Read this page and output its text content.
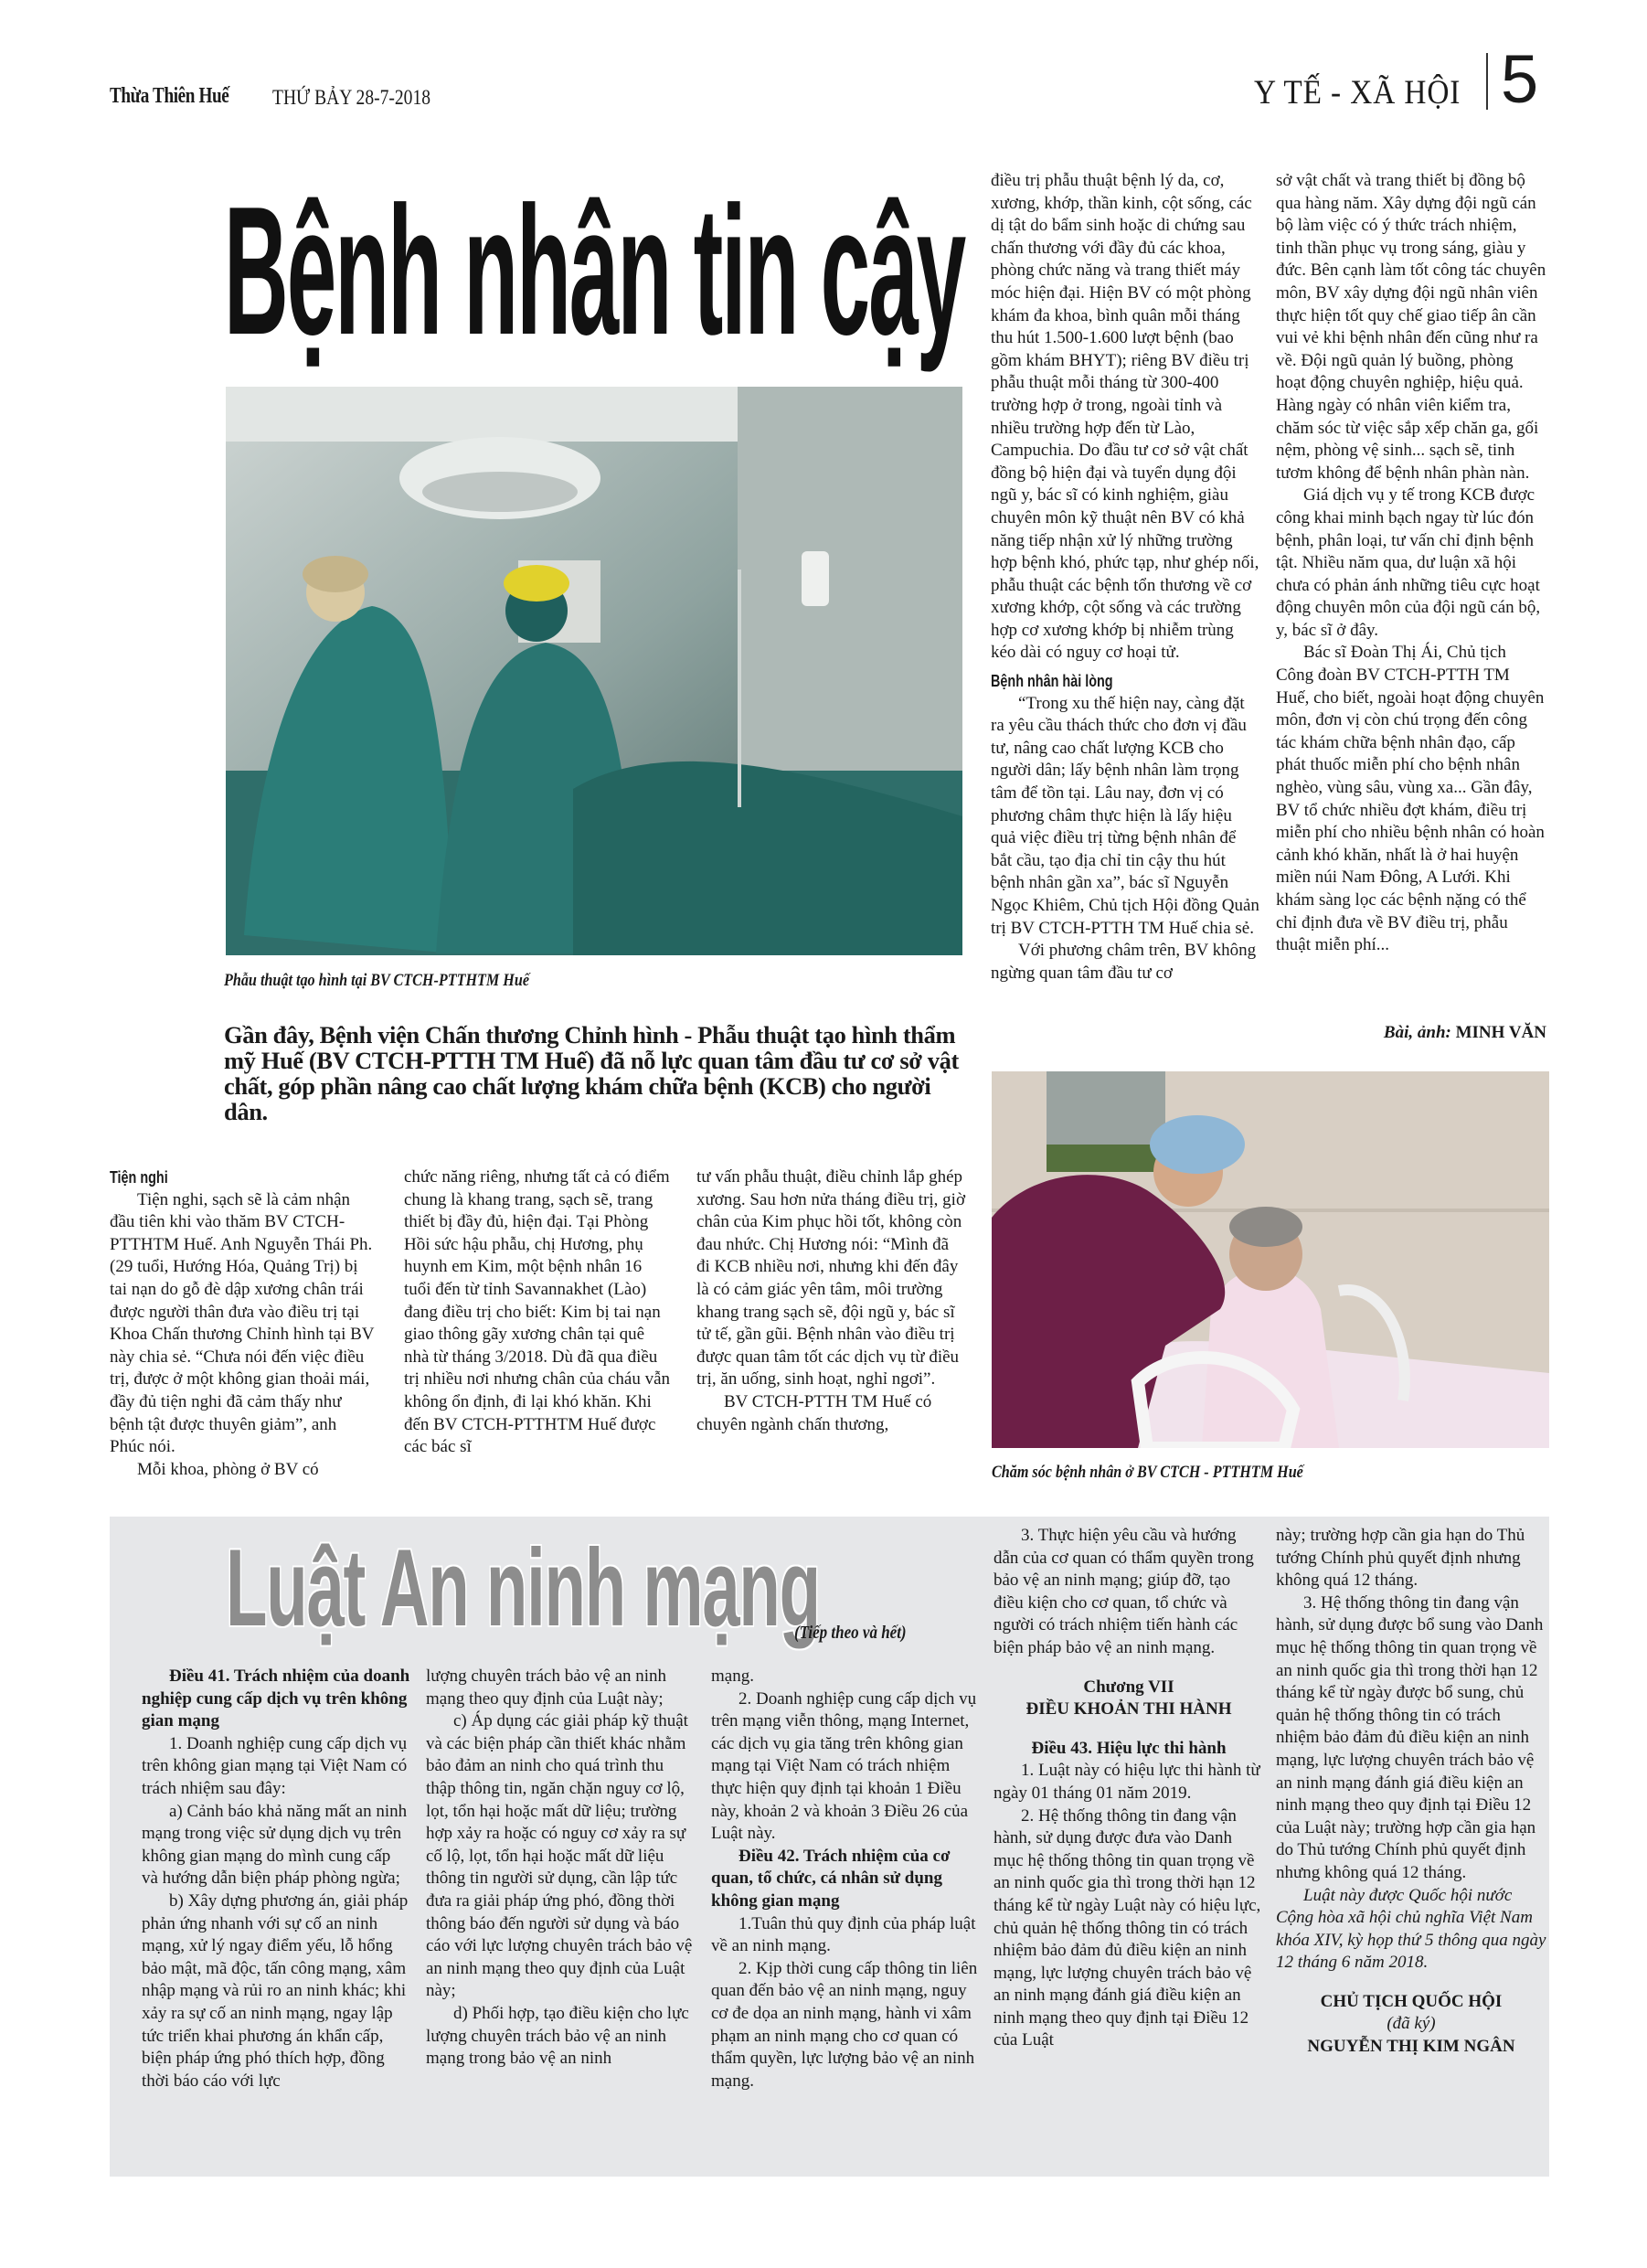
Thừa Thiên Huế THỨ BẢY 28-7-2018	Y TẾ - XÃ HỘI 5
Bệnh nhân tin cậy
Phẫu thuật tạo hình tại BV CTCH-PTTHTM Huế
Gần đây, Bệnh viện Chấn thương Chỉnh hình - Phẫu thuật tạo hình thẩm mỹ Huế (BV CTCH-PTTH TM Huế) đã nỗ lực quan tâm đầu tư cơ sở vật chất, góp phần nâng cao chất lượng khám chữa bệnh (KCB) cho người dân.

Tiện nghi

Tiện nghi, sạch sẽ là cảm nhận đầu tiên khi vào thăm BV CTCH-PTTHTM Huế. Anh Nguyễn Thái Ph. (29 tuổi, Hướng Hóa, Quảng Trị) bị tai nạn do gỗ đè dập xương chân trái được người thân đưa vào điều trị tại Khoa Chấn thương Chỉnh hình tại BV này chia sẻ. “Chưa nói đến việc điều trị, được ở một không gian thoải mái, đầy đủ tiện nghi đã cảm thấy như bệnh tật được thuyên giảm”, anh Phúc nói.

Mỗi khoa, phòng ở BV có

chức năng riêng, nhưng tất cả có điểm chung là khang trang, sạch sẽ, trang thiết bị đầy đủ, hiện đại. Tại Phòng Hồi sức hậu phẫu, chị Hương, phụ huynh em Kim, một bệnh nhân 16 tuổi đến từ tỉnh Savannakhet (Lào) đang điều trị cho biết: Kim bị tai nạn giao thông gãy xương chân tại quê nhà từ tháng 3/2018. Dù đã qua điều trị nhiều nơi nhưng chân của cháu vẫn không ổn định, đi lại khó khăn. Khi đến BV CTCH-PTTHTM Huế được các bác sĩ

tư vấn phẫu thuật, điều chỉnh lắp ghép xương. Sau hơn nửa tháng điều trị, giờ chân của Kim phục hồi tốt, không còn đau nhức. Chị Hương nói: “Mình đã đi KCB nhiều nơi, nhưng khi đến đây là có cảm giác yên tâm, môi trường khang trang sạch sẽ, đội ngũ y, bác sĩ tử tế, gần gũi. Bệnh nhân vào điều trị được quan tâm tốt các dịch vụ từ điều trị, ăn uống, sinh hoạt, nghỉ ngơi”.

BV CTCH-PTTH TM Huế có chuyên ngành chấn thương,

điều trị phẫu thuật bệnh lý da, cơ, xương, khớp, thần kinh, cột sống, các dị tật do bẩm sinh hoặc di chứng sau chấn thương với đầy đủ các khoa, phòng chức năng và trang thiết máy móc hiện đại. Hiện BV có một phòng khám đa khoa, bình quân mỗi tháng thu hút 1.500-1.600 lượt bệnh (bao gồm khám BHYT); riêng BV điều trị phẫu thuật mỗi tháng từ 300-400 trường hợp ở trong, ngoài tỉnh và nhiều trường hợp đến từ Lào, Campuchia. Do đầu tư cơ sở vật chất đồng bộ hiện đại và tuyển dụng đội ngũ y, bác sĩ có kinh nghiệm, giàu chuyên môn kỹ thuật nên BV có khả năng tiếp nhận xử lý những trường hợp bệnh khó, phức tạp, như ghép nối, phẫu thuật các bệnh tổn thương về cơ xương khớp, cột sống và các trường hợp cơ xương khớp bị nhiễm trùng kéo dài có nguy cơ hoại tử.

Bệnh nhân hài lòng

“Trong xu thế hiện nay, càng đặt ra yêu cầu thách thức cho đơn vị đầu tư, nâng cao chất lượng KCB cho người dân; lấy bệnh nhân làm trọng tâm để tồn tại. Lâu nay, đơn vị có phương châm thực hiện là lấy hiệu quả việc điều trị từng bệnh nhân để bắt cầu, tạo địa chỉ tin cậy thu hút bệnh nhân gần xa”, bác sĩ Nguyễn Ngọc Khiêm, Chủ tịch Hội đồng Quản trị BV CTCH-PTTH TM Huế chia sẻ.

Với phương châm trên, BV không ngừng quan tâm đầu tư cơ

sở vật chất và trang thiết bị đồng bộ qua hàng năm. Xây dựng đội ngũ cán bộ làm việc có ý thức trách nhiệm, tinh thần phục vụ trong sáng, giàu y đức. Bên cạnh làm tốt công tác chuyên môn, BV xây dựng đội ngũ nhân viên thực hiện tốt quy chế giao tiếp ân cần vui vẻ khi bệnh nhân đến cũng như ra về. Đội ngũ quản lý buồng, phòng hoạt động chuyên nghiệp, hiệu quả. Hàng ngày có nhân viên kiểm tra, chăm sóc từ việc sắp xếp chăn ga, gối nệm, phòng vệ sinh... sạch sẽ, tinh tươm không để bệnh nhân phàn nàn.

Giá dịch vụ y tế trong KCB được công khai minh bạch ngay từ lúc đón bệnh, phân loại, tư vấn chỉ định bệnh tật. Nhiều năm qua, dư luận xã hội chưa có phản ánh những tiêu cực hoạt động chuyên môn của đội ngũ cán bộ, y, bác sĩ ở đây.

Bác sĩ Đoàn Thị Ái, Chủ tịch Công đoàn BV CTCH-PTTH TM Huế, cho biết, ngoài hoạt động chuyên môn, đơn vị còn chú trọng đến công tác khám chữa bệnh nhân đạo, cấp phát thuốc miễn phí cho bệnh nhân nghèo, vùng sâu, vùng xa... Gần đây, BV tổ chức nhiều đợt khám, điều trị miễn phí cho nhiều bệnh nhân có hoàn cảnh khó khăn, nhất là ở hai huyện miền núi Nam Đông, A Lưới. Khi khám sàng lọc các bệnh nặng có thể chỉ định đưa về BV điều trị, phẫu thuật miễn phí...

Bài, ảnh: MINH VĂN

Chăm sóc bệnh nhân ở BV CTCH - PTTHTM Huế
Luật An ninh mạng
(Tiếp theo và hết)

Điều 41. Trách nhiệm của doanh nghiệp cung cấp dịch vụ trên không gian mạng

1. Doanh nghiệp cung cấp dịch vụ trên không gian mạng tại Việt Nam có trách nhiệm sau đây:

a) Cảnh báo khả năng mất an ninh mạng trong việc sử dụng dịch vụ trên không gian mạng do mình cung cấp và hướng dẫn biện pháp phòng ngừa;

b) Xây dựng phương án, giải pháp phản ứng nhanh với sự cố an ninh mạng, xử lý ngay điểm yếu, lỗ hổng bảo mật, mã độc, tấn công mạng, xâm nhập mạng và rủi ro an ninh khác; khi xảy ra sự cố an ninh mạng, ngay lập tức triển khai phương án khẩn cấp, biện pháp ứng phó thích hợp, đồng thời báo cáo với lực

lượng chuyên trách bảo vệ an ninh mạng theo quy định của Luật này;

c) Áp dụng các giải pháp kỹ thuật và các biện pháp cần thiết khác nhằm bảo đảm an ninh cho quá trình thu thập thông tin, ngăn chặn nguy cơ lộ, lọt, tổn hại hoặc mất dữ liệu; trường hợp xảy ra hoặc có nguy cơ xảy ra sự cố lộ, lọt, tổn hại hoặc mất dữ liệu thông tin người sử dụng, cần lập tức đưa ra giải pháp ứng phó, đồng thời thông báo đến người sử dụng và báo cáo với lực lượng chuyên trách bảo vệ an ninh mạng theo quy định của Luật này;

d) Phối hợp, tạo điều kiện cho lực lượng chuyên trách bảo vệ an ninh mạng trong bảo vệ an ninh

mạng.

2. Doanh nghiệp cung cấp dịch vụ trên mạng viễn thông, mạng Internet, các dịch vụ gia tăng trên không gian mạng tại Việt Nam có trách nhiệm thực hiện quy định tại khoản 1 Điều này, khoản 2 và khoản 3 Điều 26 của Luật này.

Điều 42. Trách nhiệm của cơ quan, tổ chức, cá nhân sử dụng không gian mạng

1.Tuân thủ quy định của pháp luật về an ninh mạng.

2. Kịp thời cung cấp thông tin liên quan đến bảo vệ an ninh mạng, nguy cơ đe dọa an ninh mạng, hành vi xâm phạm an ninh mạng cho cơ quan có thẩm quyền, lực lượng bảo vệ an ninh mạng.

3. Thực hiện yêu cầu và hướng dẫn của cơ quan có thẩm quyền trong bảo vệ an ninh mạng; giúp đỡ, tạo điều kiện cho cơ quan, tổ chức và người có trách nhiệm tiến hành các biện pháp bảo vệ an ninh mạng.

Chương VII

ĐIỀU KHOẢN THI HÀNH

Điều 43. Hiệu lực thi hành

1. Luật này có hiệu lực thi hành từ ngày 01 tháng 01 năm 2019.

2. Hệ thống thông tin đang vận hành, sử dụng được đưa vào Danh mục hệ thống thông tin quan trọng về an ninh quốc gia thì trong thời hạn 12 tháng kể từ ngày Luật này có hiệu lực, chủ quản hệ thống thông tin có trách nhiệm bảo đảm đủ điều kiện an ninh mạng, lực lượng chuyên trách bảo vệ an ninh mạng đánh giá điều kiện an ninh mạng theo quy định tại Điều 12 của Luật

này; trường hợp cần gia hạn do Thủ tướng Chính phủ quyết định nhưng không quá 12 tháng.

3. Hệ thống thông tin đang vận hành, sử dụng được bổ sung vào Danh mục hệ thống thông tin quan trọng về an ninh quốc gia thì trong thời hạn 12 tháng kể từ ngày được bổ sung, chủ quản hệ thống thông tin có trách nhiệm bảo đảm đủ điều kiện an ninh mạng, lực lượng chuyên trách bảo vệ an ninh mạng đánh giá điều kiện an ninh mạng theo quy định tại Điều 12 của Luật này; trường hợp cần gia hạn do Thủ tướng Chính phủ quyết định nhưng không quá 12 tháng.

Luật này được Quốc hội nước Cộng hòa xã hội chủ nghĩa Việt Nam khóa XIV, kỳ họp thứ 5 thông qua ngày 12 tháng 6 năm 2018.

CHỦ TỊCH QUỐC HỘI

(đã ký)

NGUYỄN THỊ KIM NGÂN
